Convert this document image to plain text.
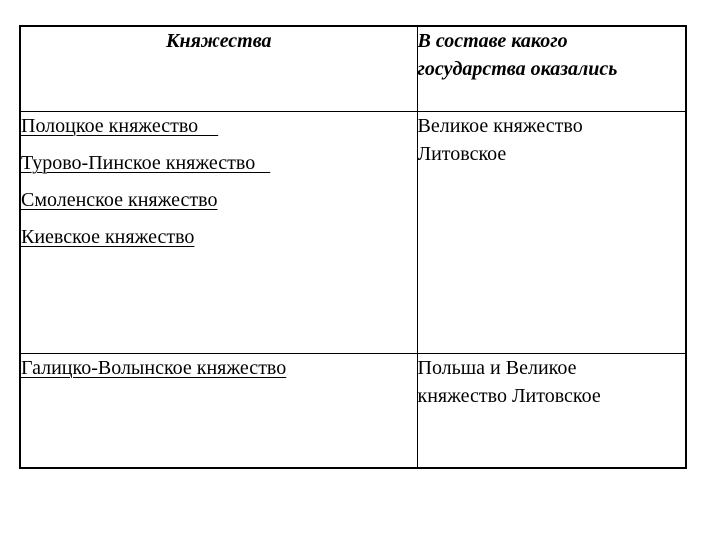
Княжества	В составе какого
государства оказались

Полоцкое княжество
Турово-Пинское княжество
Смоленское княжество
Киевское княжество	Великое княжество
Литовское

Галицко-Волынское княжество	Польша и Великое
княжество Литовское
